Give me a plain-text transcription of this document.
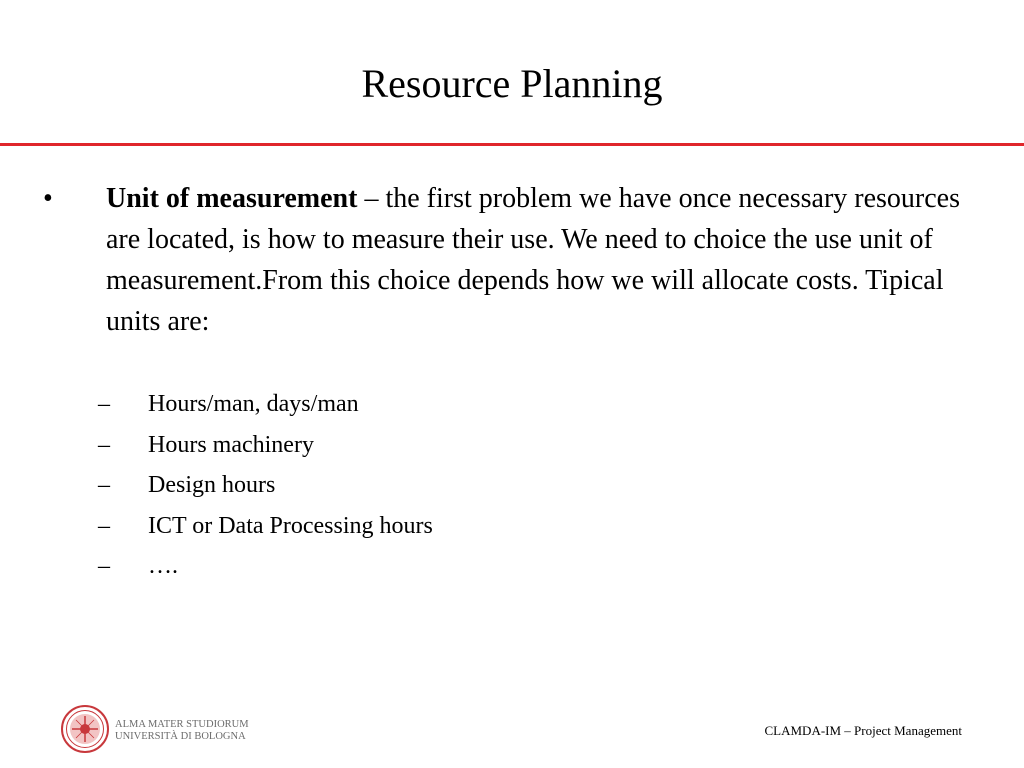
Resource Planning
•	Unit of measurement – the first problem we have once necessary resources are located, is how to measure their use. We need to choice the use unit of measurement.From this choice depends how we will allocate costs. Tipical units are:
– Hours/man, days/man
– Hours machinery
– Design hours
– ICT or Data Processing hours
– ….
ALMA MATER STUDIORUM
UNIVERSITÀ DI BOLOGNA	CLAMDA-IM – Project Management
